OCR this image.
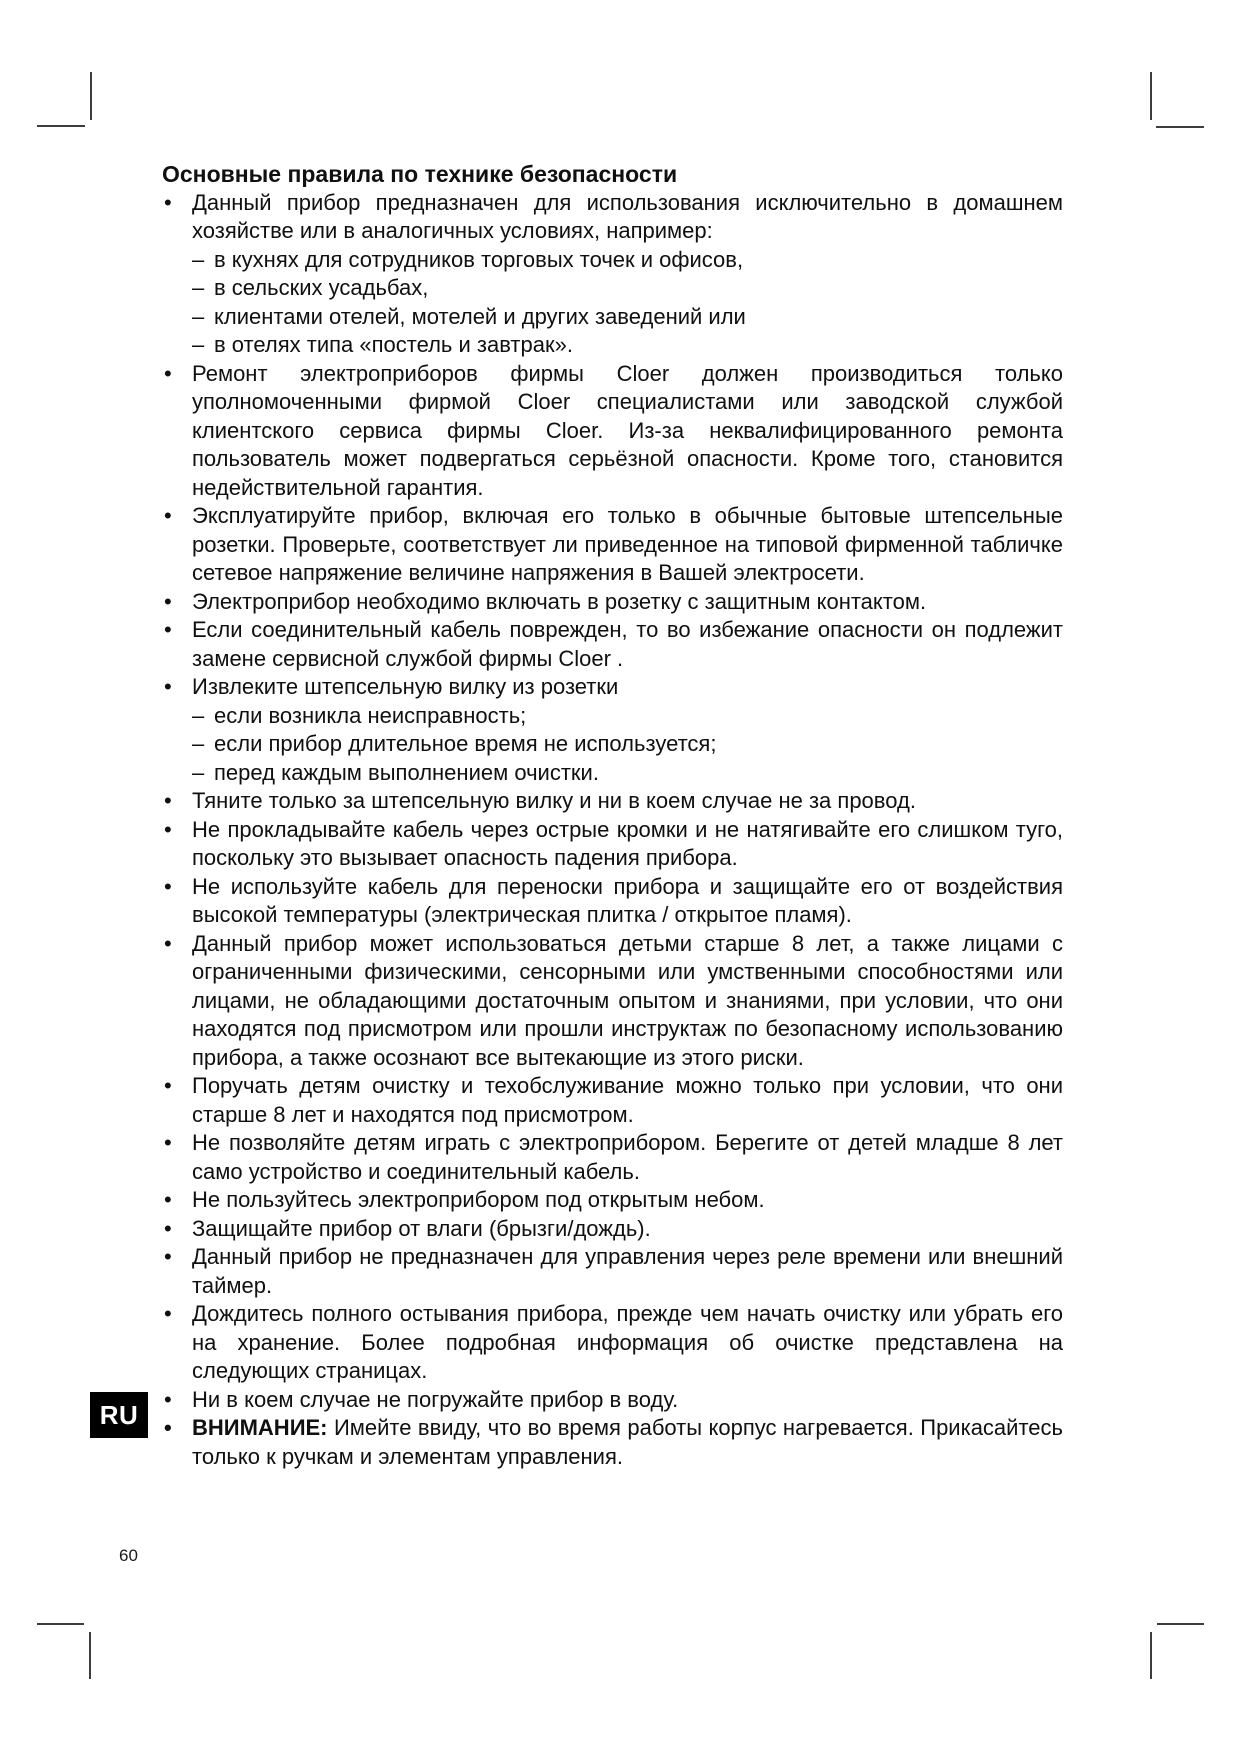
Основные правила по технике безопасности
• Данный прибор предназначен для использования исключительно в домашнем хозяйстве или в аналогичных условиях, например:
– в кухнях для сотрудников торговых точек и офисов,
– в сельских усадьбах,
– клиентами отелей, мотелей и других заведений или
– в отелях типа «постель и завтрак».
• Ремонт электроприборов фирмы Cloer должен производиться только уполномоченными фирмой Cloer специалистами или заводской службой клиентского сервиса фирмы Cloer. Из-за неквалифицированного ремонта пользователь может подвергаться серьёзной опасности. Кроме того, становится недействительной гарантия.
• Эксплуатируйте прибор, включая его только в обычные бытовые штепсельные розетки. Проверьте, соответствует ли приведенное на типовой фирменной табличке сетевое напряжение величине напряжения в Вашей электросети.
• Электроприбор необходимо включать в розетку с защитным контактом.
• Если соединительный кабель поврежден, то во избежание опасности он подлежит замене сервисной службой фирмы Cloer .
• Извлеките штепсельную вилку из розетки
– если возникла неисправность;
– если прибор длительное время не используется;
– перед каждым выполнением очистки.
• Тяните только за штепсельную вилку и ни в коем случае не за провод.
• Не прокладывайте кабель через острые кромки и не натягивайте его слишком туго, поскольку это вызывает опасность падения прибора.
• Не используйте кабель для переноски прибора и защищайте его от воздействия высокой температуры (электрическая плитка / открытое пламя).
• Данный прибор может использоваться детьми старше 8 лет, а также лицами с ограниченными физическими, сенсорными или умственными способностями или лицами, не обладающими достаточным опытом и знаниями, при условии, что они находятся под присмотром или прошли инструктаж по безопасному использованию прибора, а также осознают все вытекающие из этого риски.
• Поручать детям очистку и техобслуживание можно только при условии, что они старше 8 лет и находятся под присмотром.
• Не позволяйте детям играть с электроприбором. Берегите от детей младше 8 лет само устройство и соединительный кабель.
• Не пользуйтесь электроприбором под открытым небом.
• Защищайте прибор от влаги (брызги/дождь).
• Данный прибор не предназначен для управления через реле времени или внешний таймер.
• Дождитесь полного остывания прибора, прежде чем начать очистку или убрать его на хранение. Более подробная информация об очистке представлена на следующих страницах.
• Ни в коем случае не погружайте прибор в воду.
• ВНИМАНИЕ: Имейте ввиду, что во время работы корпус нагревается. Прикасайтесь только к ручкам и элементам управления.
RU
60
